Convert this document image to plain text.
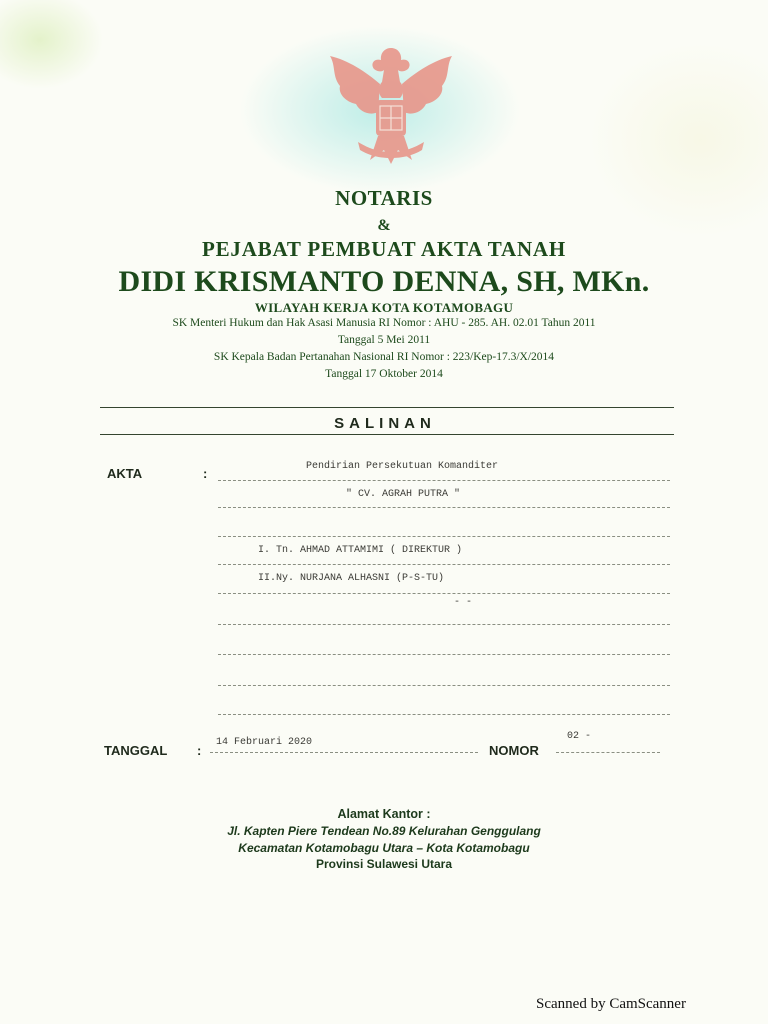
NOTARIS
&
PEJABAT PEMBUAT AKTA TANAH
DIDI KRISMANTO DENNA, SH, MKn.
WILAYAH KERJA KOTA KOTAMOBAGU
SK Menteri Hukum dan Hak Asasi Manusia RI Nomor : AHU - 285. AH. 02.01 Tahun 2011
Tanggal 5 Mei 2011
SK Kepala Badan Pertanahan Nasional RI Nomor : 223/Kep-17.3/X/2014
Tanggal 17 Oktober 2014
SALINAN
AKTA	:	Pendirian Persekutuan Komanditer
" CV. AGRAH PUTRA "
I. Tn. AHMAD ATTAMIMI ( DIREKTUR )
II.Ny. NURJANA ALHASNI (P-S-TU)
- -
TANGGAL :
14 Februari 2020
NOMOR
02 -
Alamat Kantor :
Jl. Kapten Piere Tendean No.89 Kelurahan Genggulang
Kecamatan Kotamobagu Utara – Kota Kotamobagu
Provinsi Sulawesi Utara
Scanned by CamScanner
